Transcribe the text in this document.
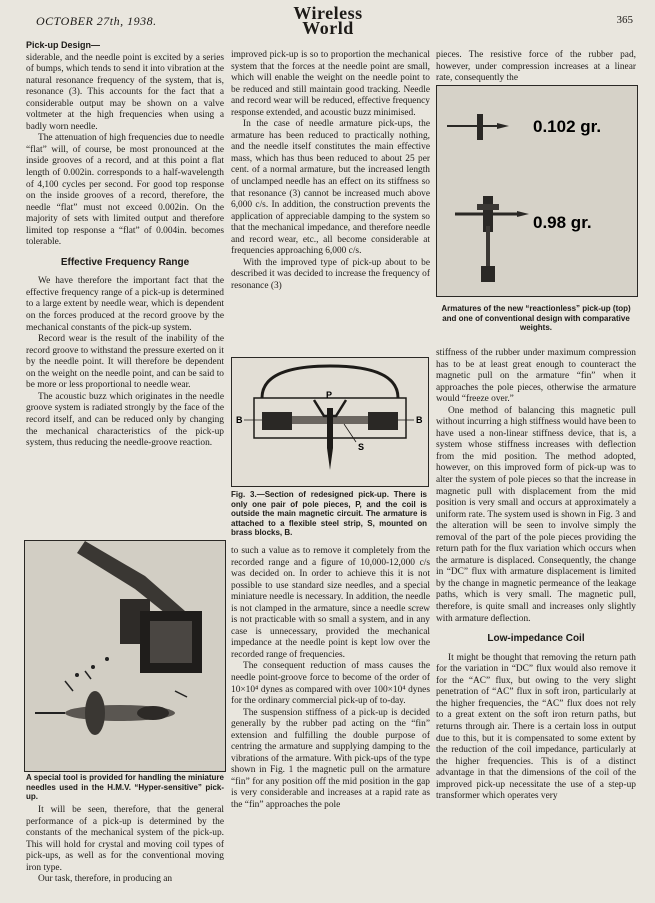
OCTOBER 27th, 1938.	Wireless
World	365

Pick-up Design—
siderable, and the needle point is excited by a series of bumps, which tends to send it into vibration at the natural resonance frequency of the system, that is, resonance (3). This accounts for the fact that a considerable output may be shown on a valve voltmeter at the high frequencies when using a badly worn needle.

The attenuation of high frequencies due to needle “flat” will, of course, be most pronounced at the inside grooves of a record, and at this point a flat length of 0.002in. corresponds to a half-wavelength of 4,100 cycles per second. For good top response on the inside grooves of a record, therefore, the needle “flat” must not exceed 0.002in. On the majority of sets with limited output and therefore limited top response a “flat” of 0.004in. becomes tolerable.

Effective Frequency Range

We have therefore the important fact that the effective frequency range of a pick-up is determined to a large extent by needle wear, which is dependent on the forces produced at the record groove by the mechanical constants of the pick-up system.

Record wear is the result of the inability of the record groove to withstand the pressure exerted on it by the needle point. It will therefore be dependent on the weight on the needle point, and can be said to be more or less proportional to needle wear.

The acoustic buzz which originates in the needle groove system is radiated strongly by the face of the record itself, and can be reduced only by changing the mechanical characteristics of the pick-up system, thus reducing the needle-groove reaction.

A special tool is provided for handling the miniature needles used in the H.M.V. “Hyper-sensitive” pick-up.

It will be seen, therefore, that the general performance of a pick-up is determined by the constants of the mechanical system of the pick-up. This will hold for crystal and moving coil types of pick-ups, as well as for the conventional moving iron type.

Our task, therefore, in producing an

improved pick-up is so to proportion the mechanical system that the forces at the needle point are small, which will enable the weight on the needle point to be reduced and still maintain good tracking. Needle and record wear will be reduced, effective frequency response extended, and acoustic buzz minimised.

In the case of needle armature pick-ups, the armature has been reduced to practically nothing, and the needle itself constitutes the main effective mass, which has thus been reduced to about 25 per cent. of a normal armature, but the increased length of unclamped needle has an effect on its stiffness so that resonance (3) cannot be increased much above 6,000 c/s. In addition, the construction prevents the application of appreciable damping to the system so that the mechanical impedance, and therefore needle and record wear, etc., all become considerable at frequencies approaching 6,000 c/s.

With the improved type of pick-up about to be described it was decided to increase the frequency of resonance (3)

P
B	B
S
Fig. 3.—Section of redesigned pick-up. There is only one pair of pole pieces, P, and the coil is outside the main magnetic circuit. The armature is attached to a flexible steel strip, S, mounted on brass blocks, B.

to such a value as to remove it completely from the recorded range and a figure of 10,000-12,000 c/s was decided on. In order to achieve this it is not possible to use standard size needles, and a special miniature needle is necessary. In addition, the needle is not clamped in the armature, since a needle screw is not practicable with so small a system, and in any case is unnecessary, provided the mechanical impedance at the needle point is kept low over the recorded range of frequencies.

The consequent reduction of mass causes the needle point-groove force to become of the order of 10×10⁴ dynes as compared with over 100×10⁴ dynes for the ordinary commercial pick-up of to-day.

The suspension stiffness of a pick-up is decided generally by the rubber pad acting on the “fin” extension and fulfilling the double purpose of centring the armature and supplying damping to the vibrations of the armature. With pick-ups of the type shown in Fig. 1 the magnetic pull on the armature “fin” for any position off the mid position in the gap is very considerable and increases at a rapid rate as the “fin” approaches the pole

pieces. The resistive force of the rubber pad, however, under compression increases at a linear rate, consequently the

0.102 gr.
0.98 gr.
Armatures of the new “reactionless” pick-up (top) and one of conventional design with comparative weights.

stiffness of the rubber under maximum compression has to be at least great enough to counteract the magnetic pull on the armature “fin” when it approaches the pole pieces, otherwise the armature would “freeze over.”

One method of balancing this magnetic pull without incurring a high stiffness would have been to have used a non-linear stiffness device, that is, a system whose stiffness increases with deflection from the mid position. The method adopted, however, on this improved form of pick-up was to alter the system of pole pieces so that the increase in magnetic pull with displacement from the mid position is very small and occurs at approximately a uniform rate. The system used is shown in Fig. 3 and the alteration will be seen to involve simply the removal of the part of the pole pieces providing the return path for the flux variation which occurs when the armature is displaced. Consequently, the change in “DC” flux with armature displacement is limited by the change in magnetic permeance of the leakage paths, which is very small. The magnetic pull, therefore, is quite small and increases only slightly with armature deflection.

Low-impedance Coil

It might be thought that removing the return path for the variation in “DC” flux would also remove it for the “AC” flux, but owing to the very slight penetration of “AC” flux in soft iron, particularly at the higher frequencies, the “AC” flux does not rely to a great extent on the soft iron return paths, but returns through air. There is a certain loss in output due to this, but it is compensated to some extent by the reduction of the coil impedance, particularly at the higher frequencies. This is of a distinct advantage in that the dimensions of the coil of the improved pick-up necessitate the use of a step-up transformer which operates very
